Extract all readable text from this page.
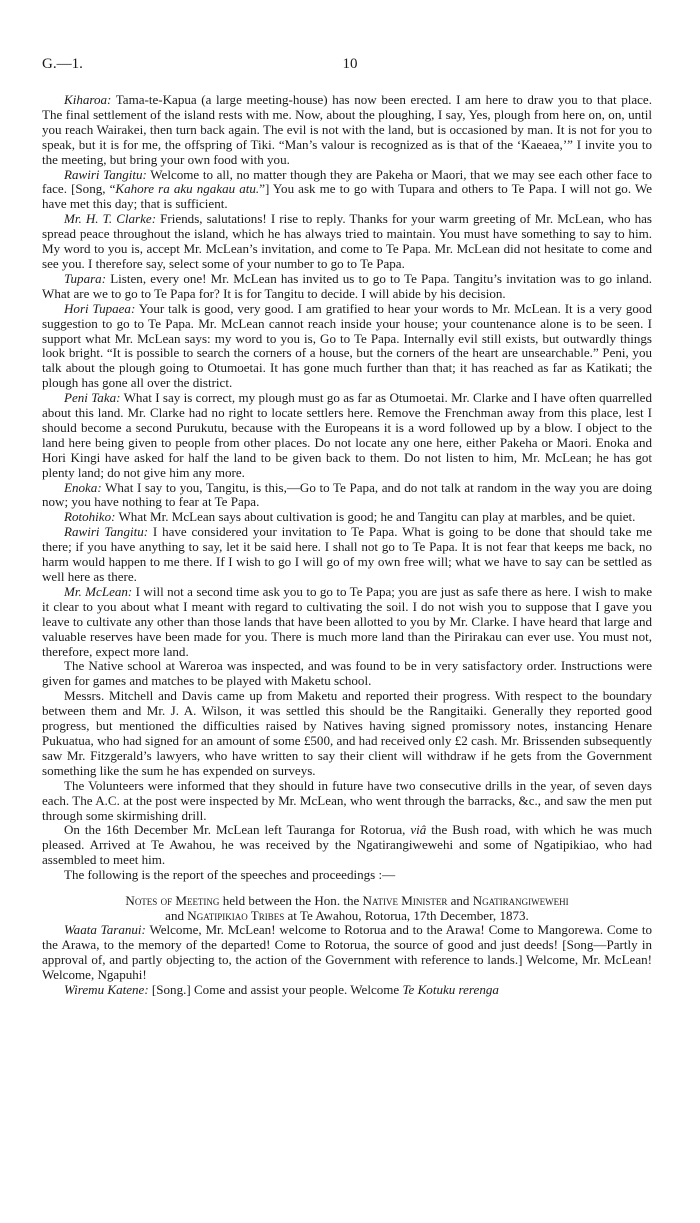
G.—1.	10

Kiharoa: Tama-te-Kapua (a large meeting-house) has now been erected. I am here to draw you to that place. The final settlement of the island rests with me. Now, about the ploughing, I say, Yes, plough from here on, on, until you reach Wairakei, then turn back again. The evil is not with the land, but is occasioned by man. It is not for you to speak, but it is for me, the offspring of Tiki. “Man’s valour is recognized as is that of the ‘Kaeaea,’” I invite you to the meeting, but bring your own food with you.

Rawiri Tangitu: Welcome to all, no matter though they are Pakeha or Maori, that we may see each other face to face. [Song, “Kahore ra aku ngakau atu.”] You ask me to go with Tupara and others to Te Papa. I will not go. We have met this day; that is sufficient.

Mr. H. T. Clarke: Friends, salutations! I rise to reply. Thanks for your warm greeting of Mr. McLean, who has spread peace throughout the island, which he has always tried to maintain. You must have something to say to him. My word to you is, accept Mr. McLean’s invitation, and come to Te Papa. Mr. McLean did not hesitate to come and see you. I therefore say, select some of your number to go to Te Papa.

Tupara: Listen, every one! Mr. McLean has invited us to go to Te Papa. Tangitu’s invitation was to go inland. What are we to go to Te Papa for? It is for Tangitu to decide. I will abide by his decision.

Hori Tupaea: Your talk is good, very good. I am gratified to hear your words to Mr. McLean. It is a very good suggestion to go to Te Papa. Mr. McLean cannot reach inside your house; your countenance alone is to be seen. I support what Mr. McLean says: my word to you is, Go to Te Papa. Internally evil still exists, but outwardly things look bright. “It is possible to search the corners of a house, but the corners of the heart are unsearchable.” Peni, you talk about the plough going to Otumoetai. It has gone much further than that; it has reached as far as Katikati; the plough has gone all over the district.

Peni Taka: What I say is correct, my plough must go as far as Otumoetai. Mr. Clarke and I have often quarrelled about this land. Mr. Clarke had no right to locate settlers here. Remove the Frenchman away from this place, lest I should become a second Purukutu, because with the Europeans it is a word followed up by a blow. I object to the land here being given to people from other places. Do not locate any one here, either Pakeha or Maori. Enoka and Hori Kingi have asked for half the land to be given back to them. Do not listen to him, Mr. McLean; he has got plenty land; do not give him any more.

Enoka: What I say to you, Tangitu, is this,—Go to Te Papa, and do not talk at random in the way you are doing now; you have nothing to fear at Te Papa.

Rotohiko: What Mr. McLean says about cultivation is good; he and Tangitu can play at marbles, and be quiet.

Rawiri Tangitu: I have considered your invitation to Te Papa. What is going to be done that should take me there; if you have anything to say, let it be said here. I shall not go to Te Papa. It is not fear that keeps me back, no harm would happen to me there. If I wish to go I will go of my own free will; what we have to say can be settled as well here as there.

Mr. McLean: I will not a second time ask you to go to Te Papa; you are just as safe there as here. I wish to make it clear to you about what I meant with regard to cultivating the soil. I do not wish you to suppose that I gave you leave to cultivate any other than those lands that have been allotted to you by Mr. Clarke. I have heard that large and valuable reserves have been made for you. There is much more land than the Pirirakau can ever use. You must not, therefore, expect more land.

The Native school at Wareroa was inspected, and was found to be in very satisfactory order. Instructions were given for games and matches to be played with Maketu school.

Messrs. Mitchell and Davis came up from Maketu and reported their progress. With respect to the boundary between them and Mr. J. A. Wilson, it was settled this should be the Rangitaiki. Generally they reported good progress, but mentioned the difficulties raised by Natives having signed promissory notes, instancing Henare Pukuatua, who had signed for an amount of some £500, and had received only £2 cash. Mr. Brissenden subsequently saw Mr. Fitzgerald’s lawyers, who have written to say their client will withdraw if he gets from the Government something like the sum he has expended on surveys.

The Volunteers were informed that they should in future have two consecutive drills in the year, of seven days each. The A.C. at the post were inspected by Mr. McLean, who went through the barracks, &c., and saw the men put through some skirmishing drill.

On the 16th December Mr. McLean left Tauranga for Rotorua, viâ the Bush road, with which he was much pleased. Arrived at Te Awahou, he was received by the Ngatirangiwewehi and some of Ngatipikiao, who had assembled to meet him.

The following is the report of the speeches and proceedings :—

Notes of Meeting held between the Hon. the Native Minister and Ngatirangiwewehi
and Ngatipikiao Tribes at Te Awahou, Rotorua, 17th December, 1873.

Waata Taranui: Welcome, Mr. McLean! welcome to Rotorua and to the Arawa! Come to Mangorewa. Come to the Arawa, to the memory of the departed! Come to Rotorua, the source of good and just deeds! [Song—Partly in approval of, and partly objecting to, the action of the Government with reference to lands.] Welcome, Mr. McLean! Welcome, Ngapuhi!

Wiremu Katene: [Song.] Come and assist your people. Welcome Te Kotuku rerenga
